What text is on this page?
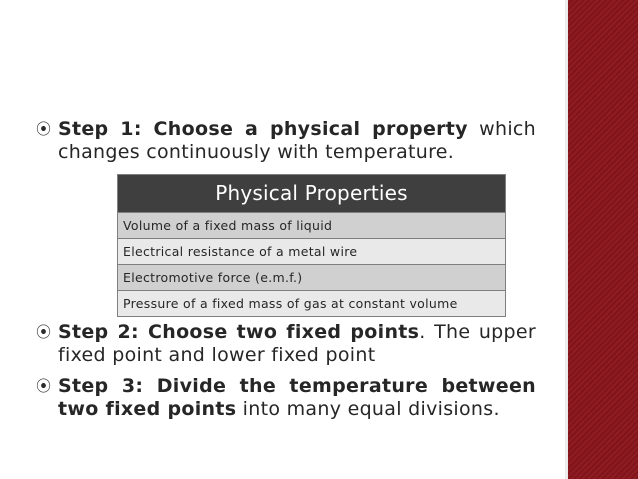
⦿ Step 1: Choose a physical property which changes continuously with temperature.
Physical Properties
Volume of a fixed mass of liquid
Electrical resistance of a metal wire
Electromotive force (e.m.f.)
Pressure of a fixed mass of gas at constant volume
⦿ Step 2: Choose two fixed points. The upper fixed point and lower fixed point
⦿ Step 3: Divide the temperature between two fixed points into many equal divisions.
